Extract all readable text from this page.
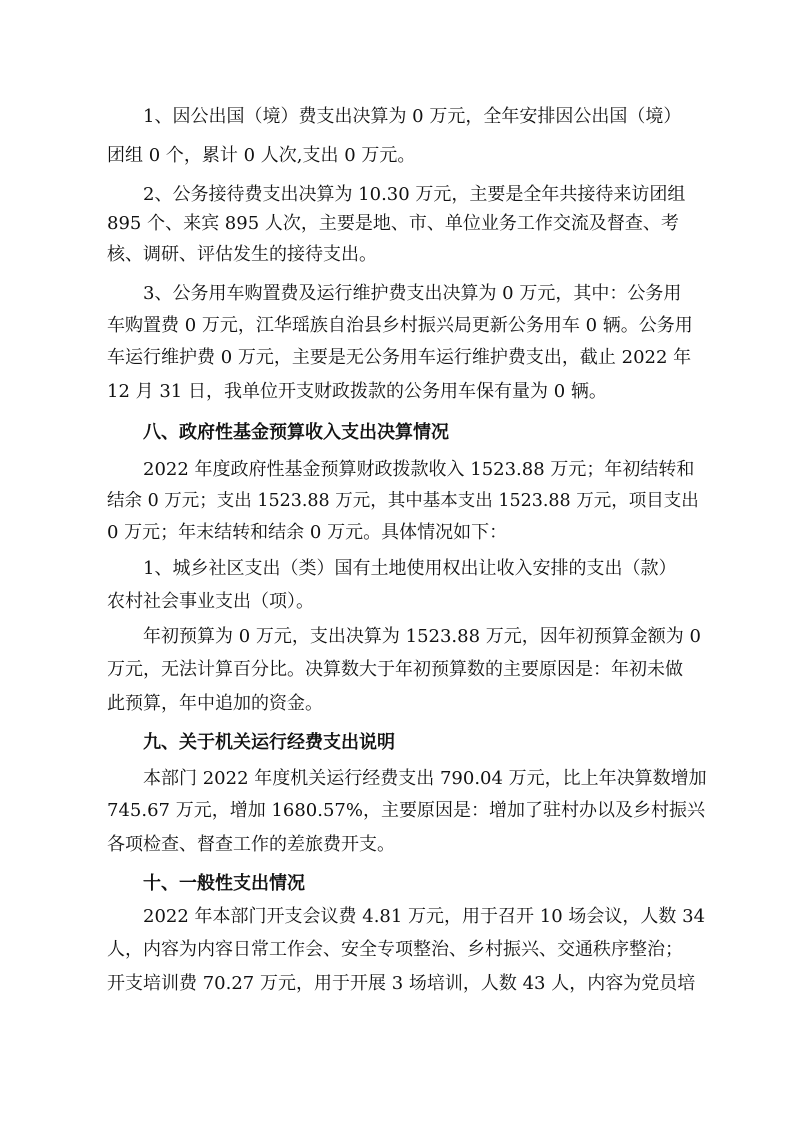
1、因公出国（境）费支出决算为 0 万元，全年安排因公出国（境）

团组 0 个，累计 0 人次,支出 0 万元。

2、公务接待费支出决算为 10.30 万元，主要是全年共接待来访团组

895 个、来宾 895 人次，主要是地、市、单位业务工作交流及督查、考

核、调研、评估发生的接待支出。

3、公务用车购置费及运行维护费支出决算为 0 万元，其中：公务用

车购置费 0 万元，江华瑶族自治县乡村振兴局更新公务用车 0 辆。公务用

车运行维护费 0 万元，主要是无公务用车运行维护费支出，截止 2022 年

12 月 31 日，我单位开支财政拨款的公务用车保有量为 0 辆。

八、政府性基金预算收入支出决算情况

2022 年度政府性基金预算财政拨款收入 1523.88 万元；年初结转和

结余 0 万元；支出 1523.88 万元，其中基本支出 1523.88 万元，项目支出

0 万元；年末结转和结余 0 万元。具体情况如下：

1、城乡社区支出（类）国有土地使用权出让收入安排的支出（款）

农村社会事业支出（项）。

年初预算为 0 万元，支出决算为 1523.88 万元，因年初预算金额为 0

万元，无法计算百分比。决算数大于年初预算数的主要原因是：年初未做

此预算，年中追加的资金。

九、关于机关运行经费支出说明

本部门 2022 年度机关运行经费支出 790.04 万元，比上年决算数增加

745.67 万元，增加 1680.57%，主要原因是：增加了驻村办以及乡村振兴

各项检查、督查工作的差旅费开支。

十、一般性支出情况

2022 年本部门开支会议费 4.81 万元，用于召开 10 场会议，人数 34

人，内容为内容日常工作会、安全专项整治、乡村振兴、交通秩序整治；

开支培训费 70.27 万元，用于开展 3 场培训，人数 43 人，内容为党员培
